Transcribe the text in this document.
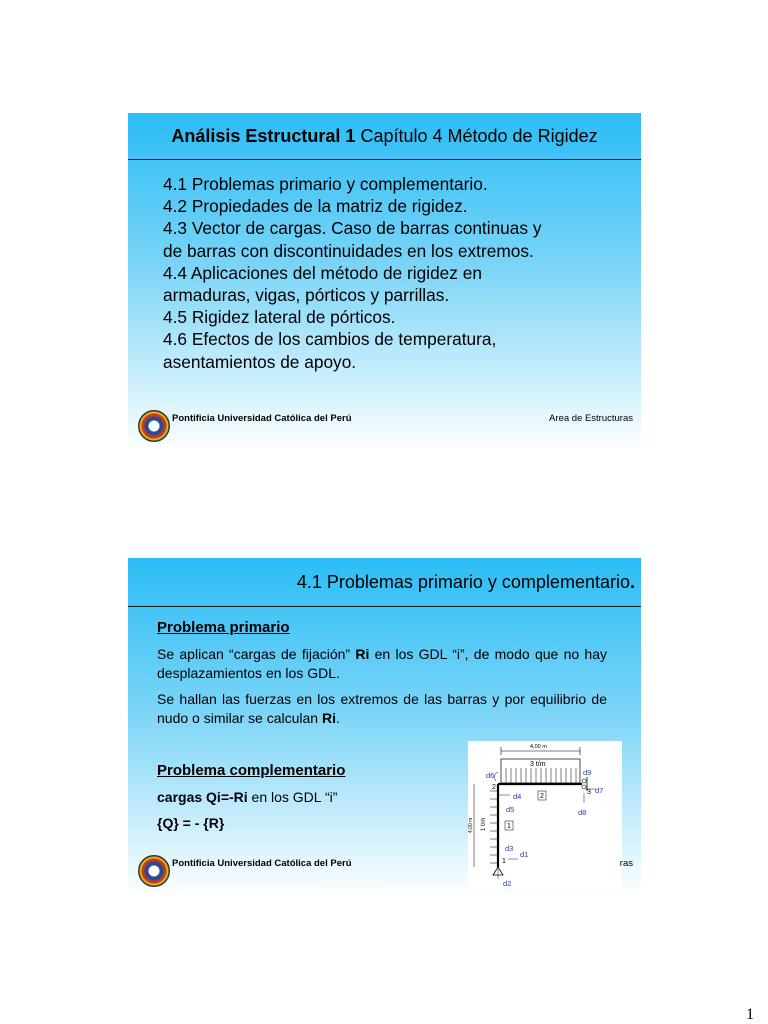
Análisis Estructural 1 Capítulo 4 Método de Rigidez
4.1 Problemas primario y complementario.
4.2 Propiedades de la matriz de rigidez.
4.3 Vector de cargas. Caso de barras continuas y
de barras con discontinuidades en los extremos.
4.4 Aplicaciones del método de rigidez en
armaduras, vigas, pórticos y parrillas.
4.5 Rigidez lateral de pórticos.
4.6 Efectos de los cambios de temperatura,
asentamientos de apoyo.
Pontificia Universidad Católica del Perú	Area de Estructuras
4.1 Problemas primario y complementario.
Problema primario

Se aplican “cargas de fijación” Ri en los GDL “i”, de modo que no hay desplazamientos en los GDL.

Se hallan las fuerzas en los extremos de las barras y por equilibrio de nudo o similar se calculan Ri.

Problema complementario

cargas Qi=-Ri en los GDL “i”

{Q} = - {R}

4,00 m
3 t/m
1 t/m
4,00 m
2
3
1
2
1
d6	d9
d4
d7
d5	d8
d3
d1
d2
Pontificia Universidad Católica del Perú	ras
1
